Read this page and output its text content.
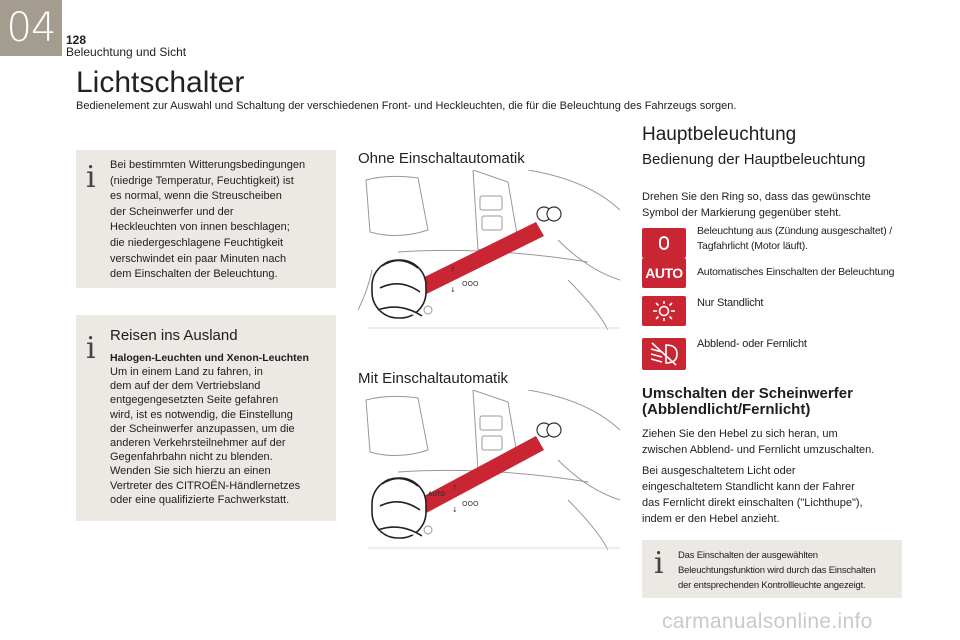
04 128
Beleuchtung und Sicht
Lichtschalter
Bedienelement zur Auswahl und Schaltung der verschiedenen Front- und Heckleuchten, die für die Beleuchtung des Fahrzeugs sorgen.
i Bei bestimmten Witterungsbedingungen

(niedrige Temperatur, Feuchtigkeit) ist

es normal, wenn die Streuscheiben

der Scheinwerfer und der

Heckleuchten von innen beschlagen;

die niedergeschlagene Feuchtigkeit

verschwindet ein paar Minuten nach

dem Einschalten der Beleuchtung.

i Reisen ins Ausland
Halogen-Leuchten und Xenon-Leuchten

Um in einem Land zu fahren, in

dem auf der dem Vertriebsland

entgegengesetzten Seite gefahren

wird, ist es notwendig, die Einstellung

der Scheinwerfer anzupassen, um die

anderen Verkehrsteilnehmer auf der

Gegenfahrbahn nicht zu blenden.

Wenden Sie sich hierzu an einen

Vertreter des CITROËN-Händlernetzes

oder eine qualifizierte Fachwerkstatt.

Ohne Einschaltautomatik
↑
↓
OOO
Mit Einschaltautomatik
AUTO
↑
↓
OOO
Hauptbeleuchtung
Bedienung der Hauptbeleuchtung
Drehen Sie den Ring so, dass das gewünschte
Symbol der Markierung gegenüber steht.
Beleuchtung aus (Zündung ausgeschaltet) /
Tagfahrlicht (Motor läuft).
AUTO	Automatisches Einschalten der Beleuchtung
Nur Standlicht
Abblend- oder Fernlicht
Umschalten der Scheinwerfer
(Abblendlicht/Fernlicht)
Ziehen Sie den Hebel zu sich heran, um
zwischen Abblend- und Fernlicht umzuschalten.
Bei ausgeschaltetem Licht oder
eingeschaltetem Standlicht kann der Fahrer
das Fernlicht direkt einschalten ("Lichthupe"),
indem er den Hebel anzieht.
i Das Einschalten der ausgewählten

Beleuchtungsfunktion wird durch das Einschalten

der entsprechenden Kontrollleuchte angezeigt.

carmanualsonline.info
